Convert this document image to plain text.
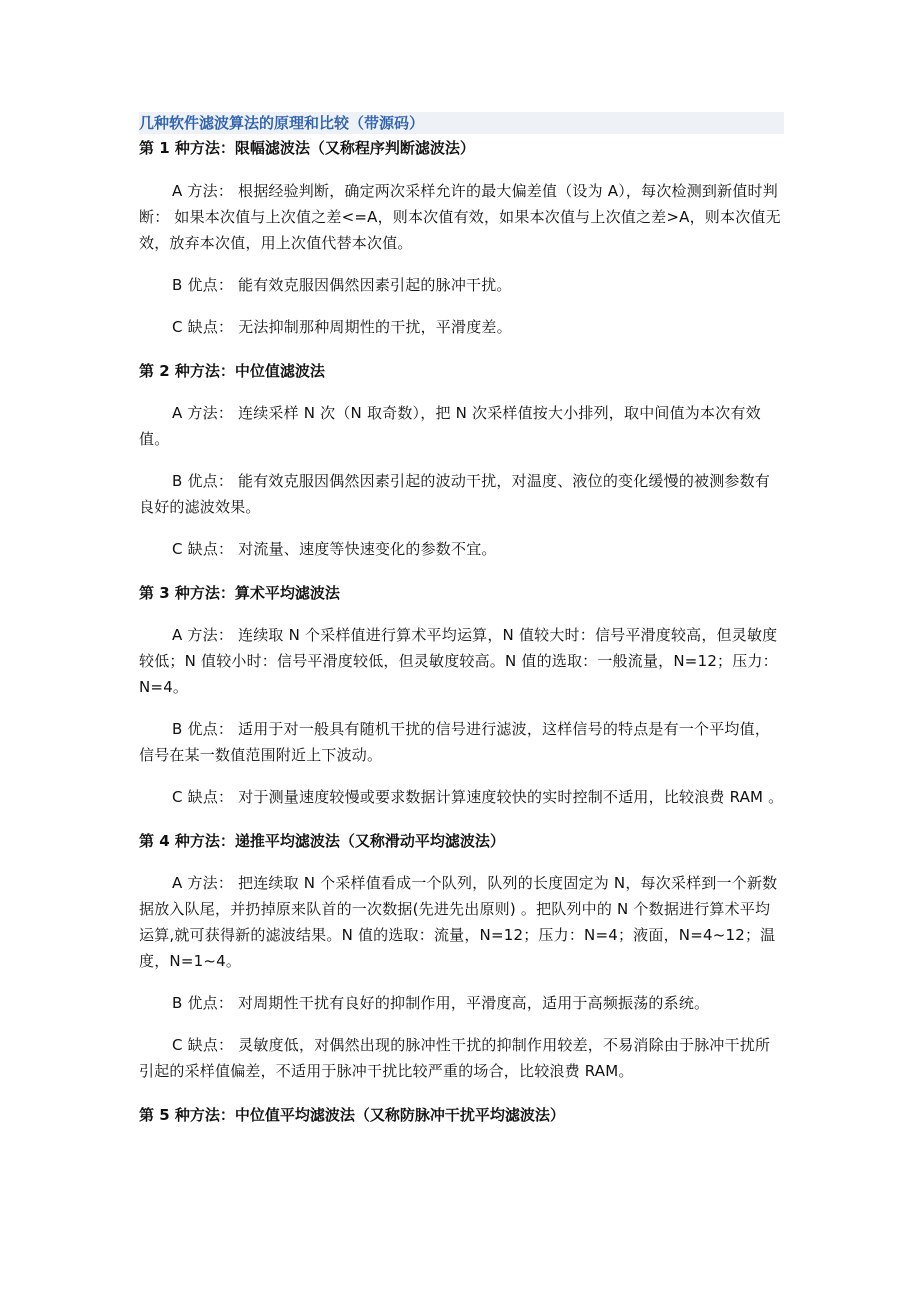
几种软件滤波算法的原理和比较（带源码）
第 1 种方法：限幅滤波法（又称程序判断滤波法）

A 方法： 根据经验判断，确定两次采样允许的最大偏差值（设为 A），每次检测到新值时判断： 如果本次值与上次值之差<=A，则本次值有效，如果本次值与上次值之差>A，则本次值无效，放弃本次值，用上次值代替本次值。

B 优点： 能有效克服因偶然因素引起的脉冲干扰。

C 缺点： 无法抑制那种周期性的干扰，平滑度差。

第 2 种方法：中位值滤波法

A 方法： 连续采样 N 次（N 取奇数），把 N 次采样值按大小排列，取中间值为本次有效值。

B 优点： 能有效克服因偶然因素引起的波动干扰，对温度、液位的变化缓慢的被测参数有良好的滤波效果。

C 缺点： 对流量、速度等快速变化的参数不宜。

第 3 种方法：算术平均滤波法

A 方法： 连续取 N 个采样值进行算术平均运算，N 值较大时：信号平滑度较高，但灵敏度较低；N 值较小时：信号平滑度较低，但灵敏度较高。N 值的选取：一般流量，N=12；压力：N=4。

B 优点： 适用于对一般具有随机干扰的信号进行滤波，这样信号的特点是有一个平均值，信号在某一数值范围附近上下波动。

C 缺点： 对于测量速度较慢或要求数据计算速度较快的实时控制不适用，比较浪费 RAM 。

第 4 种方法：递推平均滤波法（又称滑动平均滤波法）

A 方法： 把连续取 N 个采样值看成一个队列，队列的长度固定为 N，每次采样到一个新数据放入队尾，并扔掉原来队首的一次数据(先进先出原则) 。把队列中的 N 个数据进行算术平均运算,就可获得新的滤波结果。N 值的选取：流量，N=12；压力：N=4；液面，N=4~12；温度，N=1~4。

B 优点： 对周期性干扰有良好的抑制作用，平滑度高，适用于高频振荡的系统。

C 缺点： 灵敏度低，对偶然出现的脉冲性干扰的抑制作用较差，不易消除由于脉冲干扰所引起的采样值偏差，不适用于脉冲干扰比较严重的场合，比较浪费 RAM。

第 5 种方法：中位值平均滤波法（又称防脉冲干扰平均滤波法）
